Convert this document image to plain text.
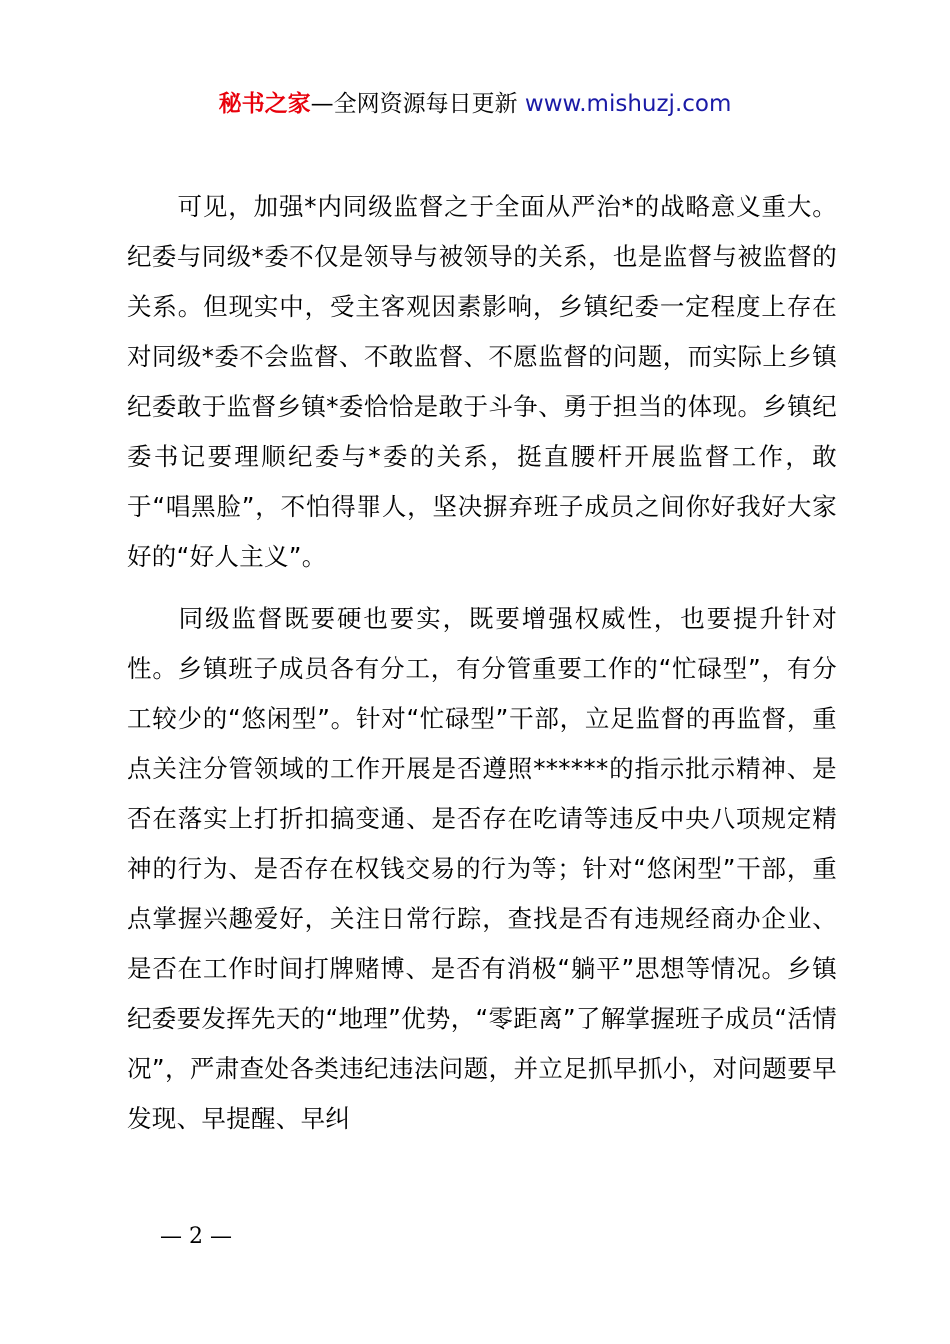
秘书之家—全网资源每日更新 www.mishuzj.com

可见，加强*内同级监督之于全面从严治*的战略意义重大。纪委与同级*委不仅是领导与被领导的关系，也是监督与被监督的关系。但现实中，受主客观因素影响，乡镇纪委一定程度上存在对同级*委不会监督、不敢监督、不愿监督的问题，而实际上乡镇纪委敢于监督乡镇*委恰恰是敢于斗争、勇于担当的体现。乡镇纪委书记要理顺纪委与*委的关系，挺直腰杆开展监督工作，敢于“唱黑脸”，不怕得罪人，坚决摒弃班子成员之间你好我好大家好的“好人主义”。

同级监督既要硬也要实，既要增强权威性，也要提升针对性。乡镇班子成员各有分工，有分管重要工作的“忙碌型”，有分工较少的“悠闲型”。针对“忙碌型”干部，立足监督的再监督，重点关注分管领域的工作开展是否遵照******的指示批示精神、是否在落实上打折扣搞变通、是否存在吃请等违反中央八项规定精神的行为、是否存在权钱交易的行为等；针对“悠闲型”干部，重点掌握兴趣爱好，关注日常行踪，查找是否有违规经商办企业、是否在工作时间打牌赌博、是否有消极“躺平”思想等情况。乡镇纪委要发挥先天的“地理”优势，“零距离”了解掌握班子成员“活情况”，严肃查处各类违纪违法问题，并立足抓早抓小，对问题要早发现、早提醒、早纠

— 2 —
